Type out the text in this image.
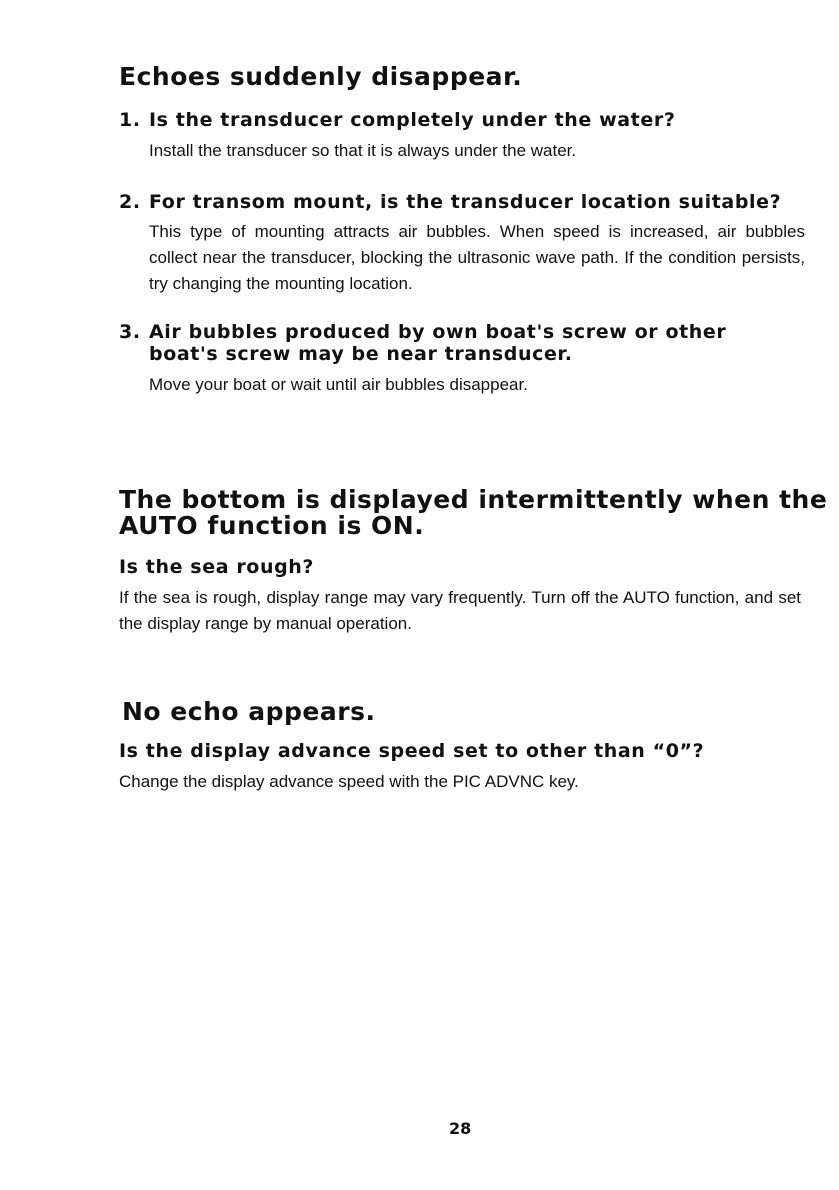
Echoes suddenly disappear.
1. Is the transducer completely under the water?

Install the transducer so that it is always under the water.

2. For transom mount, is the transducer location suitable?

This type of mounting attracts air bubbles. When speed is increased, air bubbles collect near the transducer, blocking the ultrasonic wave path. If the condition persists, try changing the mounting location.

3. Air bubbles produced by own boat's screw or other
boat's screw may be near transducer.

Move your boat or wait until air bubbles disappear.

The bottom is displayed intermittently when the
AUTO function is ON.
Is the sea rough?

If the sea is rough, display range may vary frequently. Turn off the AUTO function, and set the display range by manual operation.

No echo appears.
Is the display advance speed set to other than “0”?

Change the display advance speed with the PIC ADVNC key.

28
